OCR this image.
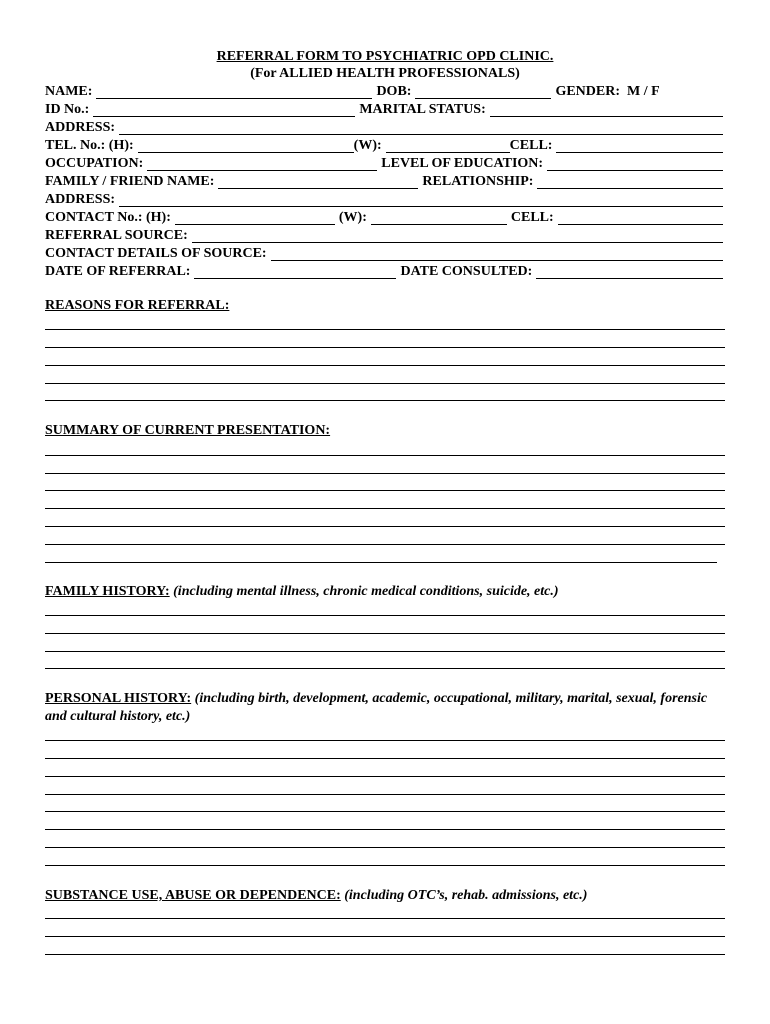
REFERRAL FORM TO PSYCHIATRIC OPD CLINIC.
(For ALLIED HEALTH PROFESSIONALS)
NAME:	DOB:	GENDER:  M / F
ID No.:	MARITAL STATUS:
ADDRESS:
TEL. No.: (H):	(W):	CELL:
OCCUPATION:	LEVEL OF EDUCATION:
FAMILY / FRIEND NAME:	RELATIONSHIP:
ADDRESS:
CONTACT No.: (H):	(W):	CELL:
REFERRAL SOURCE:
CONTACT DETAILS OF SOURCE:
DATE OF REFERRAL:	DATE CONSULTED:
REASONS FOR REFERRAL:
SUMMARY OF CURRENT PRESENTATION:
FAMILY HISTORY: (including mental illness, chronic medical conditions, suicide, etc.)
PERSONAL HISTORY: (including birth, development, academic, occupational, military, marital, sexual, forensic and cultural history, etc.)
SUBSTANCE USE, ABUSE OR DEPENDENCE: (including OTC’s, rehab. admissions, etc.)
